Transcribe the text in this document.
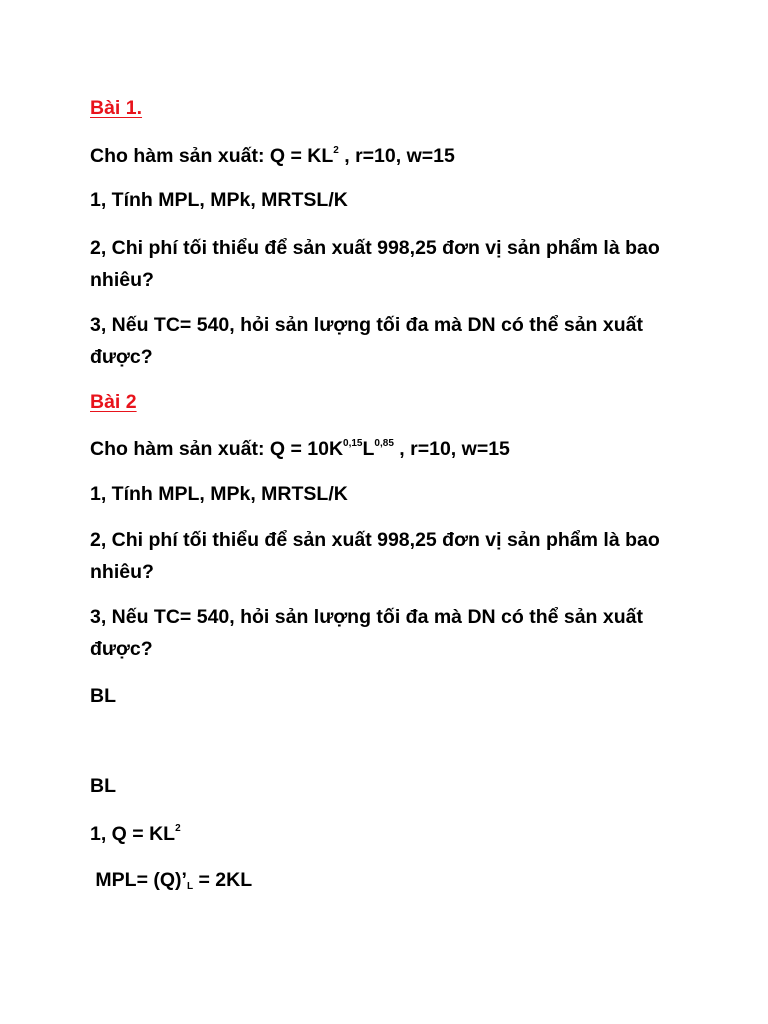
Bài 1.
Cho hàm sản xuất: $Q = KL^2$ , r=10, w=15
1, Tính MPL, MPk, MRTSL/K
2, Chi phí tối thiểu để sản xuất 998,25 đơn vị sản phẩm là bao
nhiêu?
3, Nếu TC= 540, hỏi sản lượng tối đa mà DN có thể sản xuất
được?
Bài 2
Cho hàm sản xuất: $Q = 10K^{0,15}L^{0,85}$ , r=10, w=15
1, Tính MPL, MPk, MRTSL/K
2, Chi phí tối thiểu để sản xuất 998,25 đơn vị sản phẩm là bao
nhiêu?
3, Nếu TC= 540, hỏi sản lượng tối đa mà DN có thể sản xuất
được?
BL
BL
1, $Q = KL^2$
$MPL= (Q)’_L = 2KL$
